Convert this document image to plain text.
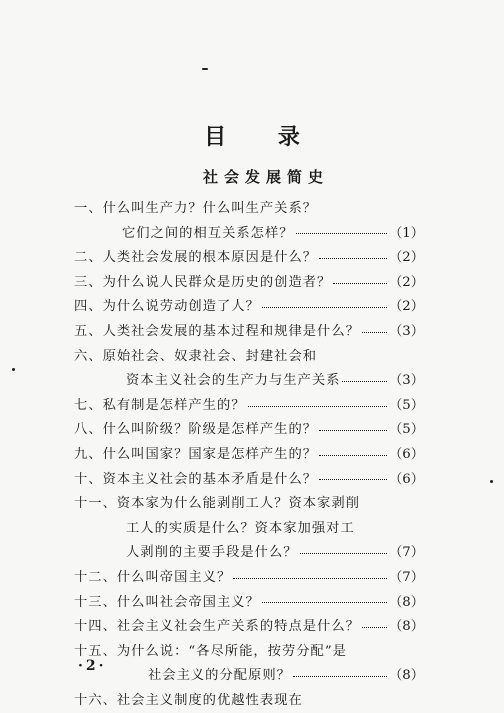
目 录
社会发展简史
一、什么叫生产力？什么叫生产关系？
它们之间的相互关系怎样？	（1）
二、人类社会发展的根本原因是什么？	（2）
三、为什么说人民群众是历史的创造者？	（2）
四、为什么说劳动创造了人？	（2）
五、人类社会发展的基本过程和规律是什么？ （3）
六、原始社会、奴隶社会、封建社会和
资本主义社会的生产力与生产关系	（3）
七、私有制是怎样产生的？	（5）
八、什么叫阶级？阶级是怎样产生的？	（5）
九、什么叫国家？国家是怎样产生的？	（6）
十、资本主义社会的基本矛盾是什么？	（6）
十一、资本家为什么能剥削工人？资本家剥削
工人的实质是什么？资本家加强对工
人剥削的主要手段是什么？	（7）
十二、什么叫帝国主义？	（7）
十三、什么叫社会帝国主义？	（8）
十四、社会主义社会生产关系的特点是什么？ （8）
十五、为什么说：“各尽所能，按劳分配”是
社会主义的分配原则？	（8）
十六、社会主义制度的优越性表现在
·2·
